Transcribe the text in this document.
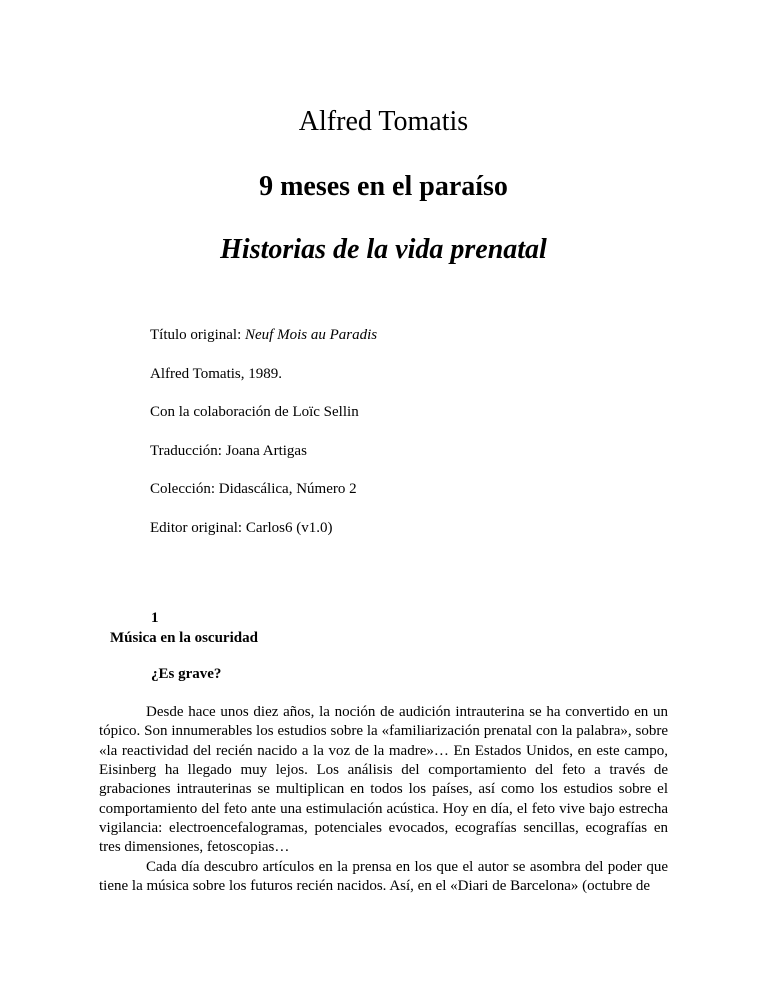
Alfred Tomatis
9 meses en el paraíso
Historias de la vida prenatal

Título original: Neuf Mois au Paradis

Alfred Tomatis, 1989.

Con la colaboración de Loïc Sellin

Traducción: Joana Artigas

Colección: Didascálica, Número 2

Editor original: Carlos6 (v1.0)

1

Música en la oscuridad

¿Es grave?

Desde hace unos diez años, la noción de audición intrauterina se ha convertido en un tópico. Son innumerables los estudios sobre la «familiarización prenatal con la palabra», sobre «la reactividad del recién nacido a la voz de la madre»… En Estados Unidos, en este campo, Eisinberg ha llegado muy lejos. Los análisis del comportamiento del feto a través de grabaciones intrauterinas se multiplican en todos los países, así como los estudios sobre el comportamiento del feto ante una estimulación acústica. Hoy en día, el feto vive bajo estrecha vigilancia: electroencefalogramas, potenciales evocados, ecografías sencillas, ecografías en tres dimensiones, fetoscopias…

Cada día descubro artículos en la prensa en los que el autor se asombra del poder que tiene la música sobre los futuros recién nacidos. Así, en el «Diari de Barcelona» (octubre de
